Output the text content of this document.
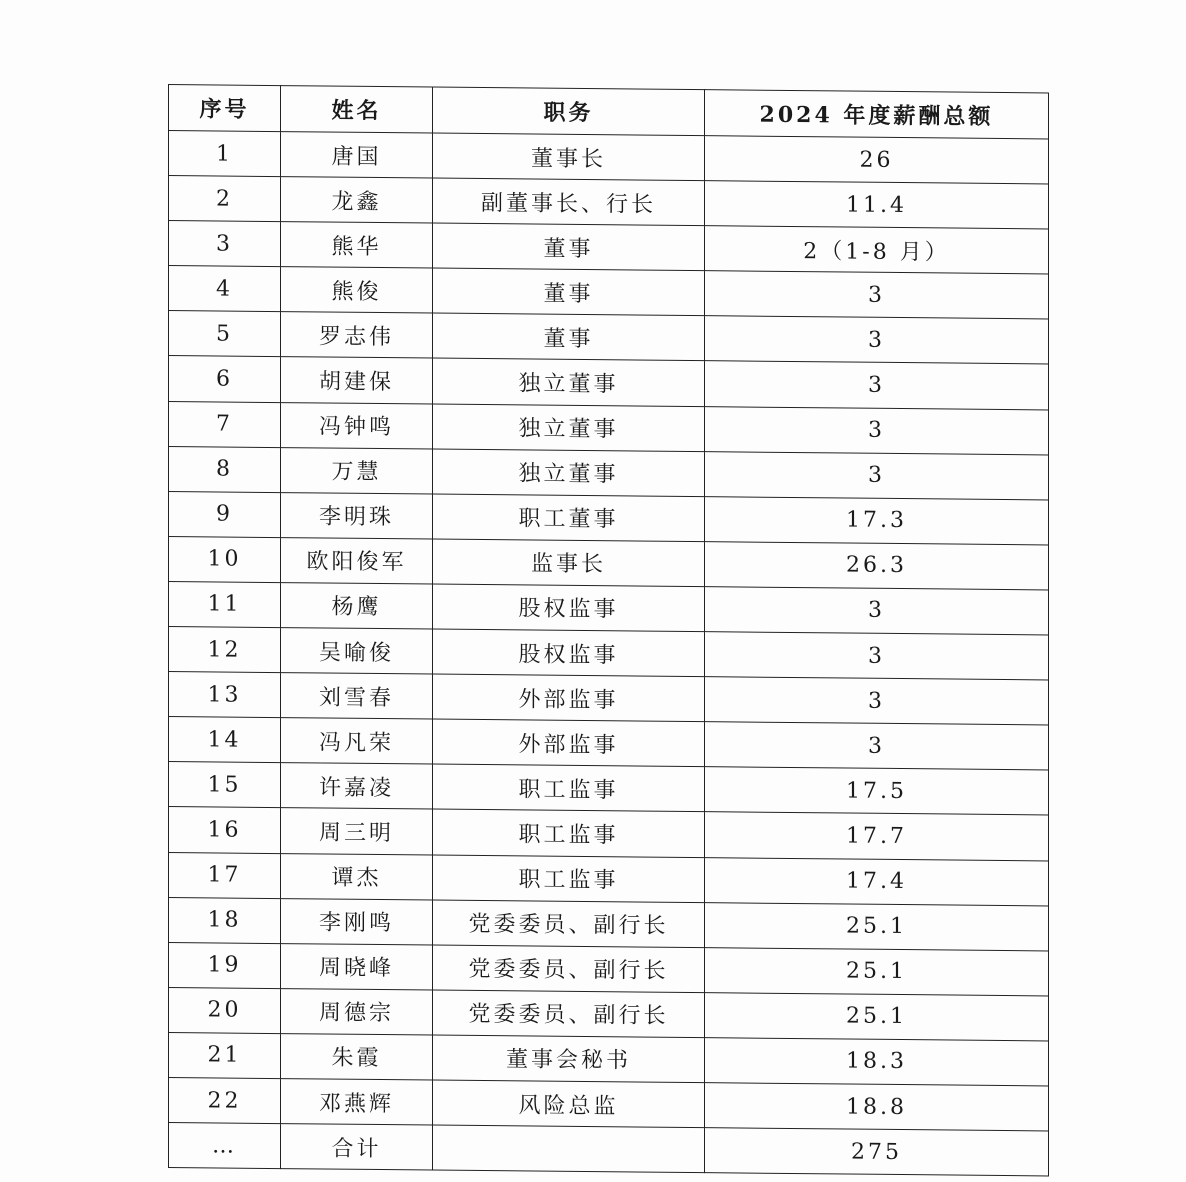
序号	姓名	职务	2024 年度薪酬总额
1	唐国	董事长	26
2	龙鑫	副董事长、行长	11.4
3	熊华	董事	2（1-8 月）
4	熊俊	董事	3
5	罗志伟	董事	3
6	胡建保	独立董事	3
7	冯钟鸣	独立董事	3
8	万慧	独立董事	3
9	李明珠	职工董事	17.3
10	欧阳俊军	监事长	26.3
11	杨鹰	股权监事	3
12	吴喻俊	股权监事	3
13	刘雪春	外部监事	3
14	冯凡荣	外部监事	3
15	许嘉凌	职工监事	17.5
16	周三明	职工监事	17.7
17	谭杰	职工监事	17.4
18	李刚鸣	党委委员、副行长	25.1
19	周晓峰	党委委员、副行长	25.1
20	周德宗	党委委员、副行长	25.1
21	朱霞	董事会秘书	18.3
22	邓燕辉	风险总监	18.8
…	合计		275
